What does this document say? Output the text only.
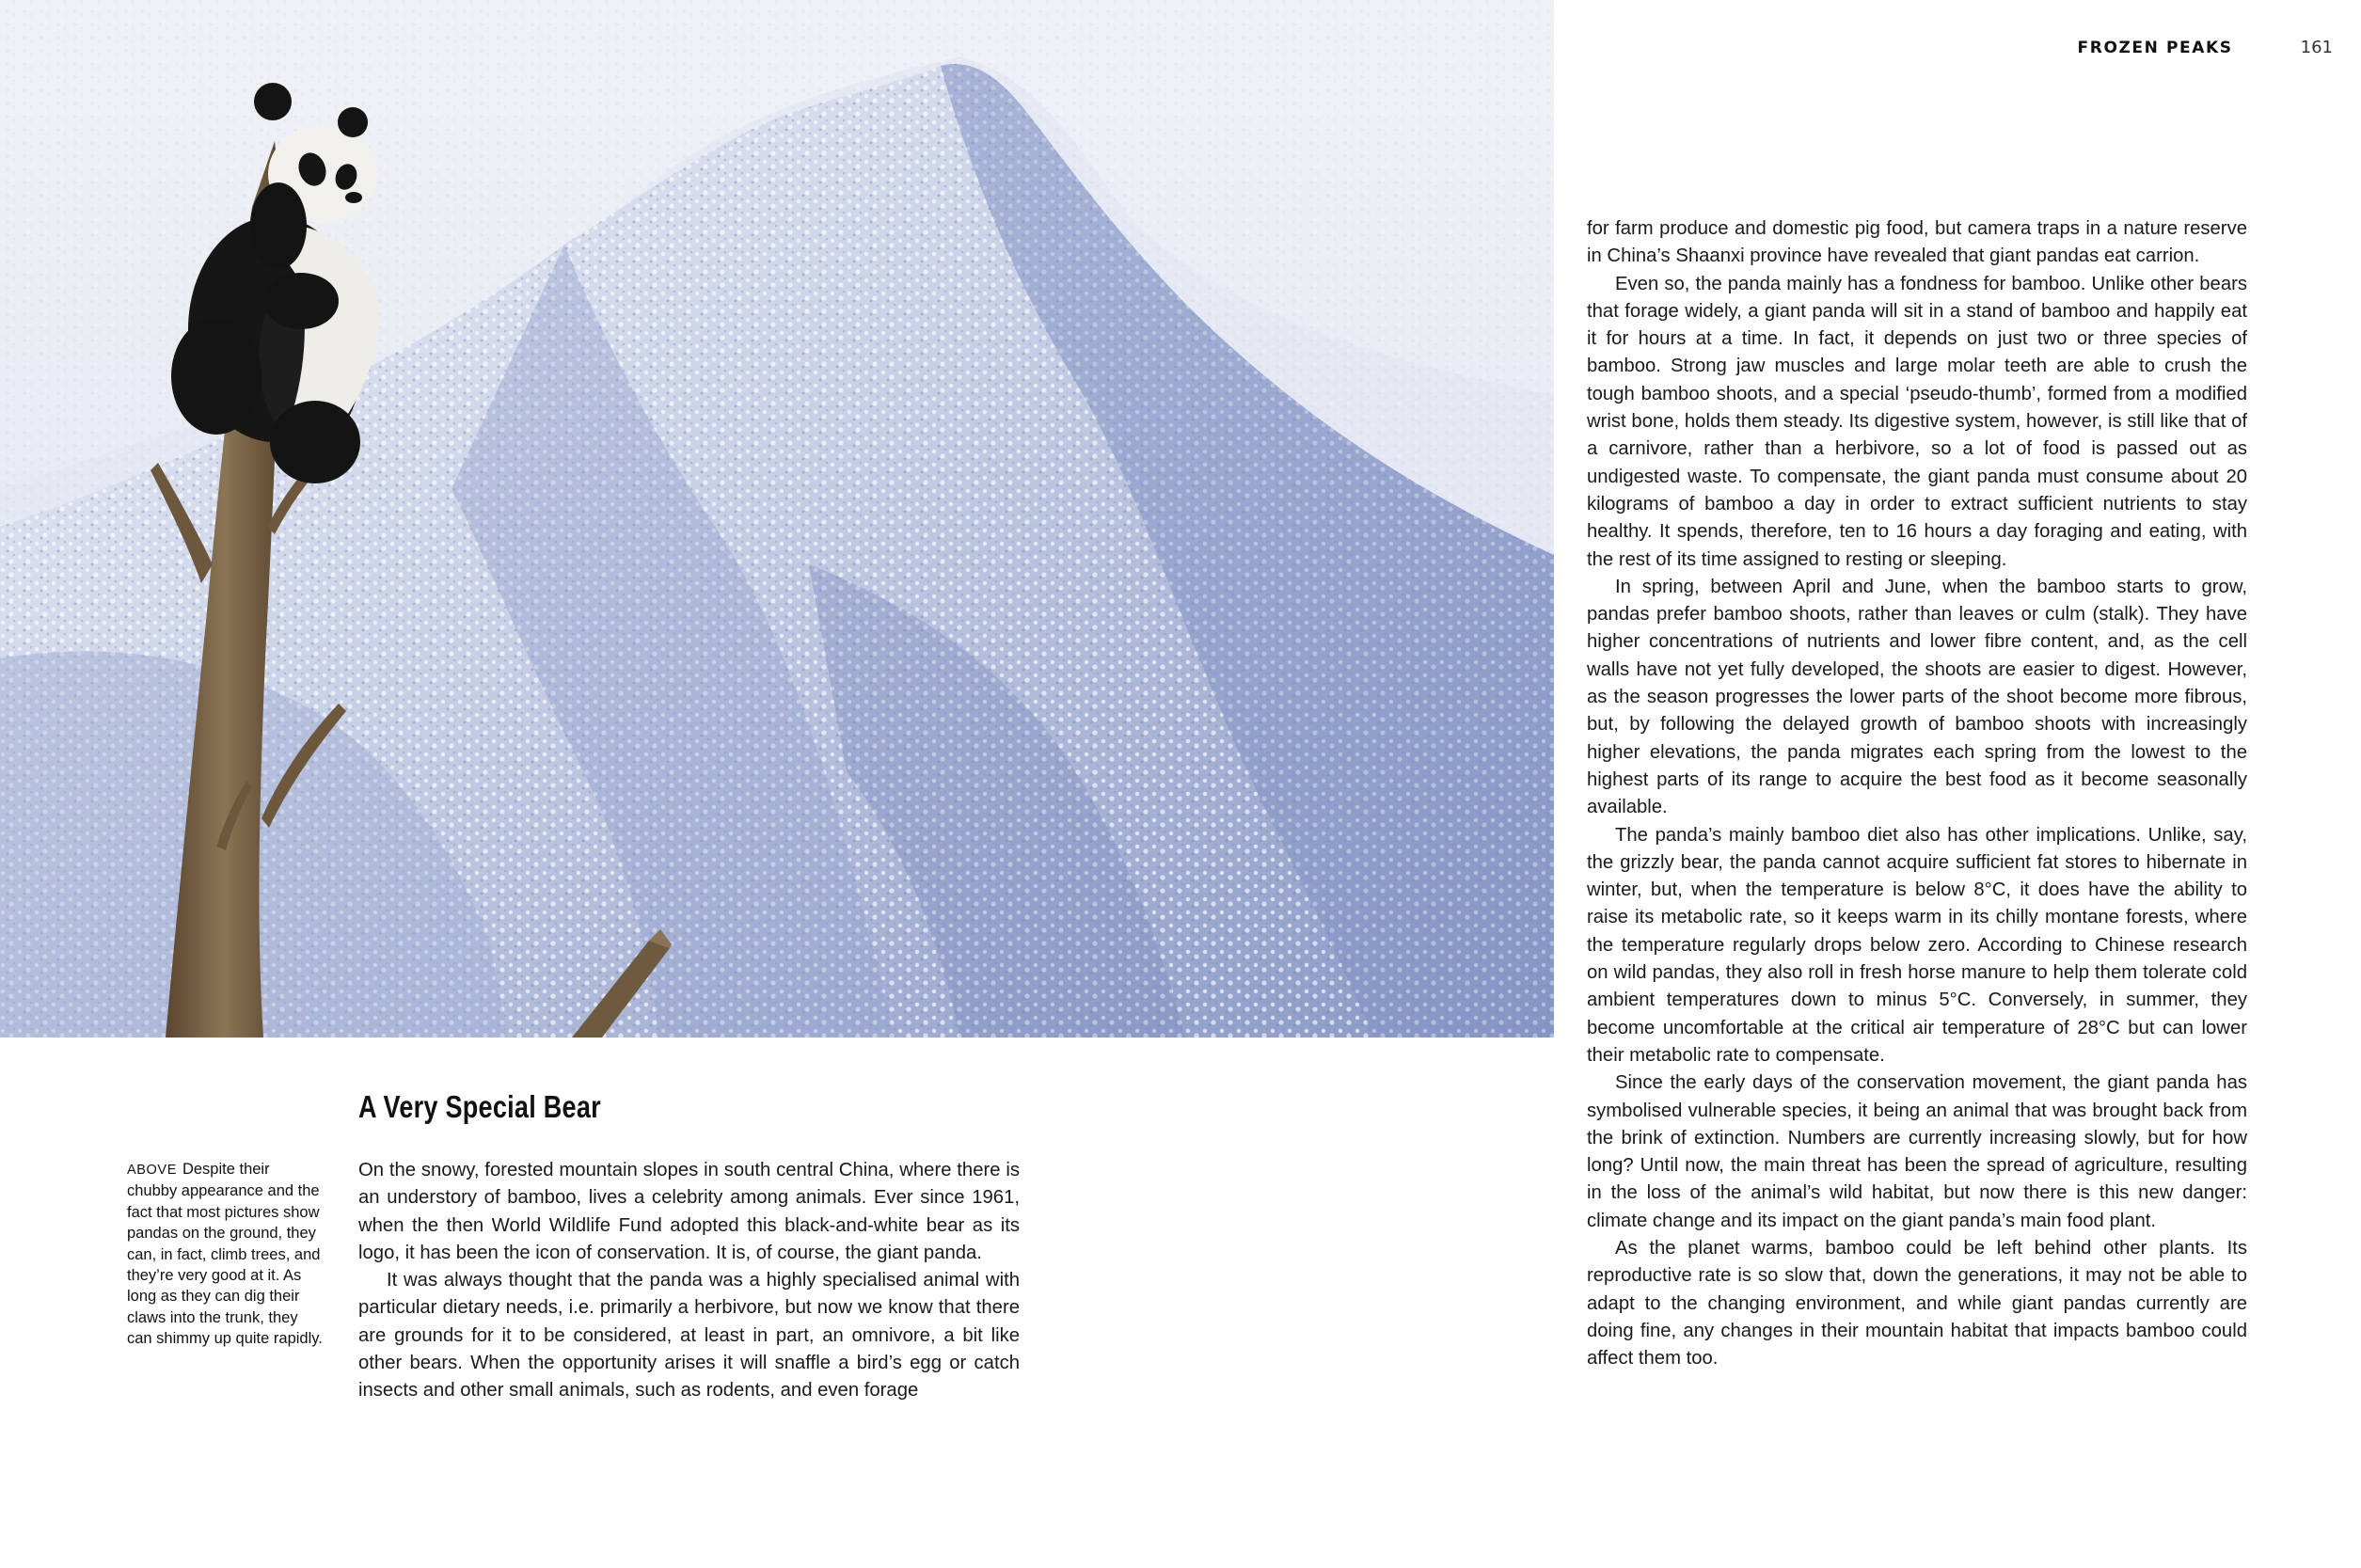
FROZEN PEAKS	161
ABOVE Despite their chubby appearance and the fact that most pictures show pandas on the ground, they can, in fact, climb trees, and they’re very good at it. As long as they can dig their claws into the trunk, they can shimmy up quite rapidly.
A Very Special Bear

On the snowy, forested mountain slopes in south central China, where there is an understory of bamboo, lives a celebrity among animals. Ever since 1961, when the then World Wildlife Fund adopted this black-and-white bear as its logo, it has been the icon of conservation. It is, of course, the giant panda.

It was always thought that the panda was a highly specialised animal with particular dietary needs, i.e. primarily a herbivore, but now we know that there are grounds for it to be considered, at least in part, an omnivore, a bit like other bears. When the opportunity arises it will snaffle a bird’s egg or catch insects and other small animals, such as rodents, and even forage

for farm produce and domestic pig food, but camera traps in a nature reserve in China’s Shaanxi province have revealed that giant pandas eat carrion.

Even so, the panda mainly has a fondness for bamboo. Unlike other bears that forage widely, a giant panda will sit in a stand of bamboo and happily eat it for hours at a time. In fact, it depends on just two or three species of bamboo. Strong jaw muscles and large molar teeth are able to crush the tough bamboo shoots, and a special ‘pseudo-thumb’, formed from a modified wrist bone, holds them steady. Its digestive system, however, is still like that of a carnivore, rather than a herbivore, so a lot of food is passed out as undigested waste. To compensate, the giant panda must consume about 20 kilograms of bamboo a day in order to extract sufficient nutrients to stay healthy. It spends, therefore, ten to 16 hours a day foraging and eating, with the rest of its time assigned to resting or sleeping.

In spring, between April and June, when the bamboo starts to grow, pandas prefer bamboo shoots, rather than leaves or culm (stalk). They have higher concentrations of nutrients and lower fibre content, and, as the cell walls have not yet fully developed, the shoots are easier to digest. However, as the season progresses the lower parts of the shoot become more fibrous, but, by following the delayed growth of bamboo shoots with increasingly higher elevations, the panda migrates each spring from the lowest to the highest parts of its range to acquire the best food as it become seasonally available.

The panda’s mainly bamboo diet also has other implications. Unlike, say, the grizzly bear, the panda cannot acquire sufficient fat stores to hibernate in winter, but, when the temperature is below 8°C, it does have the ability to raise its metabolic rate, so it keeps warm in its chilly montane forests, where the temperature regularly drops below zero. According to Chinese research on wild pandas, they also roll in fresh horse manure to help them tolerate cold ambient temperatures down to minus 5°C. Conversely, in summer, they become uncomfortable at the critical air temperature of 28°C but can lower their metabolic rate to compensate.

Since the early days of the conservation movement, the giant panda has symbolised vulnerable species, it being an animal that was brought back from the brink of extinction. Numbers are currently increasing slowly, but for how long? Until now, the main threat has been the spread of agriculture, resulting in the loss of the animal’s wild habitat, but now there is this new danger: climate change and its impact on the giant panda’s main food plant.

As the planet warms, bamboo could be left behind other plants. Its reproductive rate is so slow that, down the generations, it may not be able to adapt to the changing environment, and while giant pandas currently are doing fine, any changes in their mountain habitat that impacts bamboo could affect them too.
